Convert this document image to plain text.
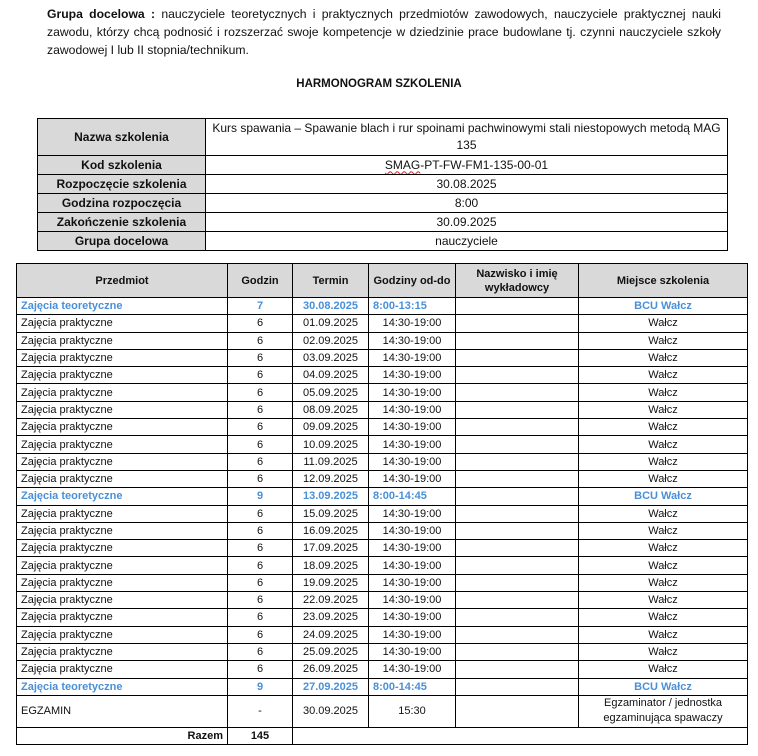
Grupa docelowa : nauczyciele teoretycznych i praktycznych przedmiotów zawodowych, nauczyciele praktycznej nauki zawodu, którzy chcą podnosić i rozszerzać swoje kompetencje w dziedzinie prace budowlane tj. czynni nauczyciele szkoły zawodowej I lub II stopnia/technikum.
HARMONOGRAM SZKOLENIA
Nazwa szkolenia	Kurs spawania – Spawanie blach i rur spoinami pachwinowymi stali niestopowych metodą MAG 135
Kod szkolenia	SMAG-PT-FW-FM1-135-00-01
Rozpoczęcie szkolenia	30.08.2025
Godzina rozpoczęcia	8:00
Zakończenie szkolenia	30.09.2025
Grupa docelowa	nauczyciele
Przedmiot	Godzin	Termin	Godziny od-do	Nazwisko i imię wykładowcy	Miejsce szkolenia
Zajęcia teoretyczne	7	30.08.2025	8:00-13:15		BCU Wałcz
Zajęcia praktyczne	6	01.09.2025	14:30-19:00		Wałcz
Zajęcia praktyczne	6	02.09.2025	14:30-19:00		Wałcz
Zajęcia praktyczne	6	03.09.2025	14:30-19:00		Wałcz
Zajęcia praktyczne	6	04.09.2025	14:30-19:00		Wałcz
Zajęcia praktyczne	6	05.09.2025	14:30-19:00		Wałcz
Zajęcia praktyczne	6	08.09.2025	14:30-19:00		Wałcz
Zajęcia praktyczne	6	09.09.2025	14:30-19:00		Wałcz
Zajęcia praktyczne	6	10.09.2025	14:30-19:00		Wałcz
Zajęcia praktyczne	6	11.09.2025	14:30-19:00		Wałcz
Zajęcia praktyczne	6	12.09.2025	14:30-19:00		Wałcz
Zajęcia teoretyczne	9	13.09.2025	8:00-14:45		BCU Wałcz
Zajęcia praktyczne	6	15.09.2025	14:30-19:00		Wałcz
Zajęcia praktyczne	6	16.09.2025	14:30-19:00		Wałcz
Zajęcia praktyczne	6	17.09.2025	14:30-19:00		Wałcz
Zajęcia praktyczne	6	18.09.2025	14:30-19:00		Wałcz
Zajęcia praktyczne	6	19.09.2025	14:30-19:00		Wałcz
Zajęcia praktyczne	6	22.09.2025	14:30-19:00		Wałcz
Zajęcia praktyczne	6	23.09.2025	14:30-19:00		Wałcz
Zajęcia praktyczne	6	24.09.2025	14:30-19:00		Wałcz
Zajęcia praktyczne	6	25.09.2025	14:30-19:00		Wałcz
Zajęcia praktyczne	6	26.09.2025	14:30-19:00		Wałcz
Zajęcia teoretyczne	9	27.09.2025	8:00-14:45		BCU Wałcz
EGZAMIN	-	30.09.2025	15:30		Egzaminator / jednostka egzaminująca spawaczy
Razem	145				
